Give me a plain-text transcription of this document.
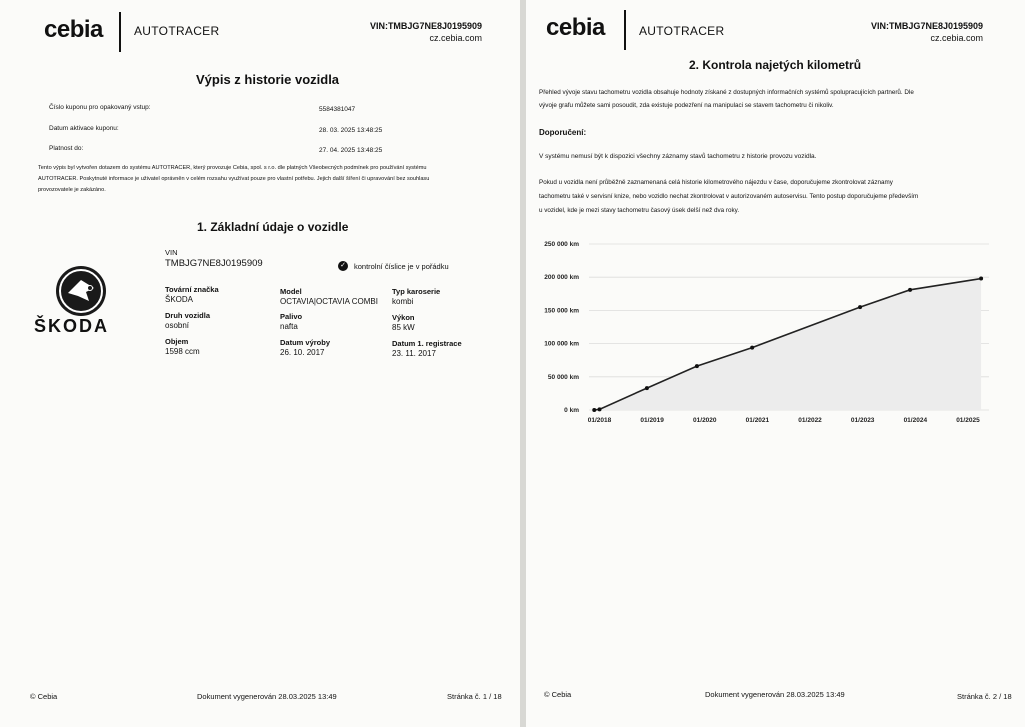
cebia	AUTOTRACER	VIN:TMBJG7NE8J0195909
cz.cebia.com
Výpis z historie vozidla
Číslo kuponu pro opakovaný vstup:	5584381047
Datum aktivace kuponu:	28. 03. 2025 13:48:25
Platnost do:	27. 04. 2025 13:48:25
Tento výpis byl vytvořen dotazem do systému AUTOTRACER, který provozuje Cebia, spol. s r.o. dle platných Všeobecných podmínek pro používání systému
AUTOTRACER. Poskytnuté informace je uživatel oprávněn v celém rozsahu využívat pouze pro vlastní potřebu. Jejich další šíření či upravování bez souhlasu
provozovatele je zakázáno.
1. Základní údaje o vozidle
ŠKODA
VIN
TMBJG7NE8J0195909	✓ kontrolní číslice je v pořádku
Tovární značka
ŠKODA
Model
OCTAVIA|OCTAVIA COMBI
Typ karoserie
kombi
Druh vozidla
osobní
Palivo
nafta
Výkon
85 kW
Objem
1598 ccm
Datum výroby
26. 10. 2017
Datum 1. registrace
23. 11. 2017
© Cebia	Dokument vygenerován 28.03.2025 13:49	Stránka č. 1 / 18
cebia	AUTOTRACER	VIN:TMBJG7NE8J0195909
cz.cebia.com
2. Kontrola najetých kilometrů
Přehled vývoje stavu tachometru vozidla obsahuje hodnoty získané z dostupných informačních systémů spolupracujících partnerů. Dle
vývoje grafu můžete sami posoudit, zda existuje podezření na manipulaci se stavem tachometru či nikoliv.
Doporučení:
V systému nemusí být k dispozici všechny záznamy stavů tachometru z historie provozu vozidla.
Pokud u vozidla není průběžně zaznamenaná celá historie kilometrového nájezdu v čase, doporučujeme zkontrolovat záznamy
tachometru také v servisní knize, nebo vozidlo nechat zkontrolovat v autorizovaném autoservisu. Tento postup doporučujeme především
u vozidel, kde je mezi stavy tachometru časový úsek delší než dva roky.
250 000 km
200 000 km
150 000 km
100 000 km
50 000 km
0 km
01/2018	01/2019	01/2020	01/2021	01/2022	01/2023	01/2024	01/2025
© Cebia	Dokument vygenerován 28.03.2025 13:49	Stránka č. 2 / 18
